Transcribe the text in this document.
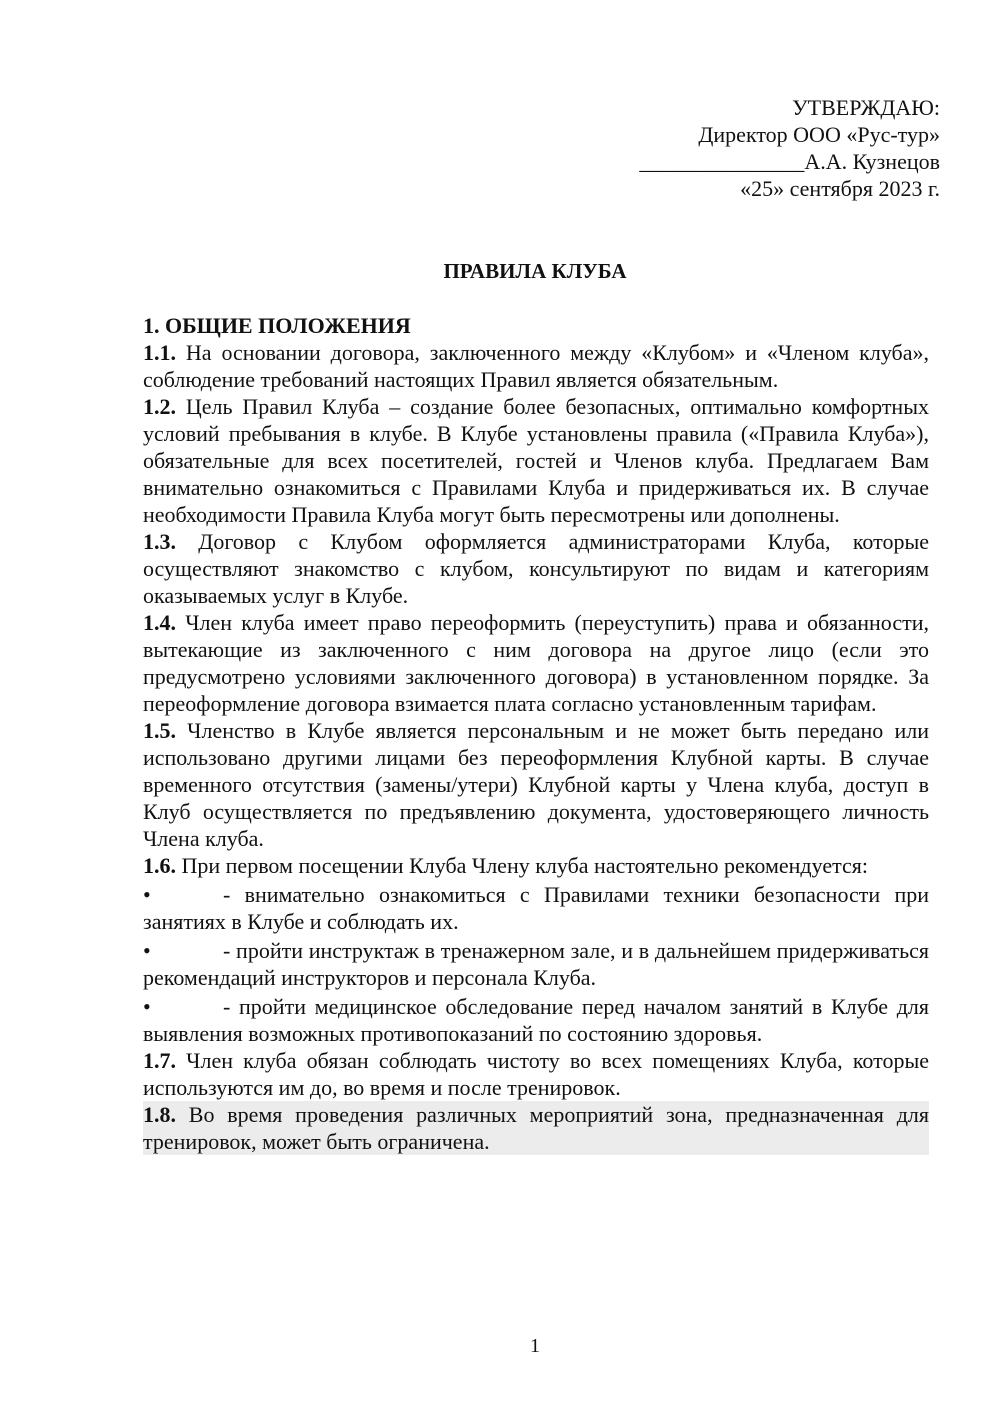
УТВЕРЖДАЮ:
Директор ООО «Рус-тур»
_______________А.А. Кузнецов
«25» сентября 2023 г.
ПРАВИЛА КЛУБА
1. ОБЩИЕ ПОЛОЖЕНИЯ

1.1. На основании договора, заключенного между «Клубом» и «Членом клуба», соблюдение требований настоящих Правил является обязательным.

1.2. Цель Правил Клуба – создание более безопасных, оптимально комфортных условий пребывания в клубе. В Клубе установлены правила («Правила Клуба»), обязательные для всех посетителей, гостей и Членов клуба. Предлагаем Вам внимательно ознакомиться с Правилами Клуба и придерживаться их. В случае необходимости Правила Клуба могут быть пересмотрены или дополнены.

1.3. Договор с Клубом оформляется администраторами Клуба, которые осуществляют знакомство с клубом, консультируют по видам и категориям оказываемых услуг в Клубе.

1.4. Член клуба имеет право переоформить (переуступить) права и обязанности, вытекающие из заключенного с ним договора на другое лицо (если это предусмотрено условиями заключенного договора) в установленном порядке. За переоформление договора взимается плата согласно установленным тарифам.

1.5. Членство в Клубе является персональным и не может быть передано или использовано другими лицами без переоформления Клубной карты. В случае временного отсутствия (замены/утери) Клубной карты у Члена клуба, доступ в Клуб осуществляется по предъявлению документа, удостоверяющего личность Члена клуба.

1.6. При первом посещении Клуба Члену клуба настоятельно рекомендуется:

•	- внимательно ознакомиться с Правилами техники безопасности при занятиях в Клубе и соблюдать их.

•	- пройти инструктаж в тренажерном зале, и в дальнейшем придерживаться рекомендаций инструкторов и персонала Клуба.

•	- пройти медицинское обследование перед началом занятий в Клубе для выявления возможных противопоказаний по состоянию здоровья.

1.7. Член клуба обязан соблюдать чистоту во всех помещениях Клуба, которые используются им до, во время и после тренировок.

1.8. Во время проведения различных мероприятий зона, предназначенная для тренировок, может быть ограничена.

1
